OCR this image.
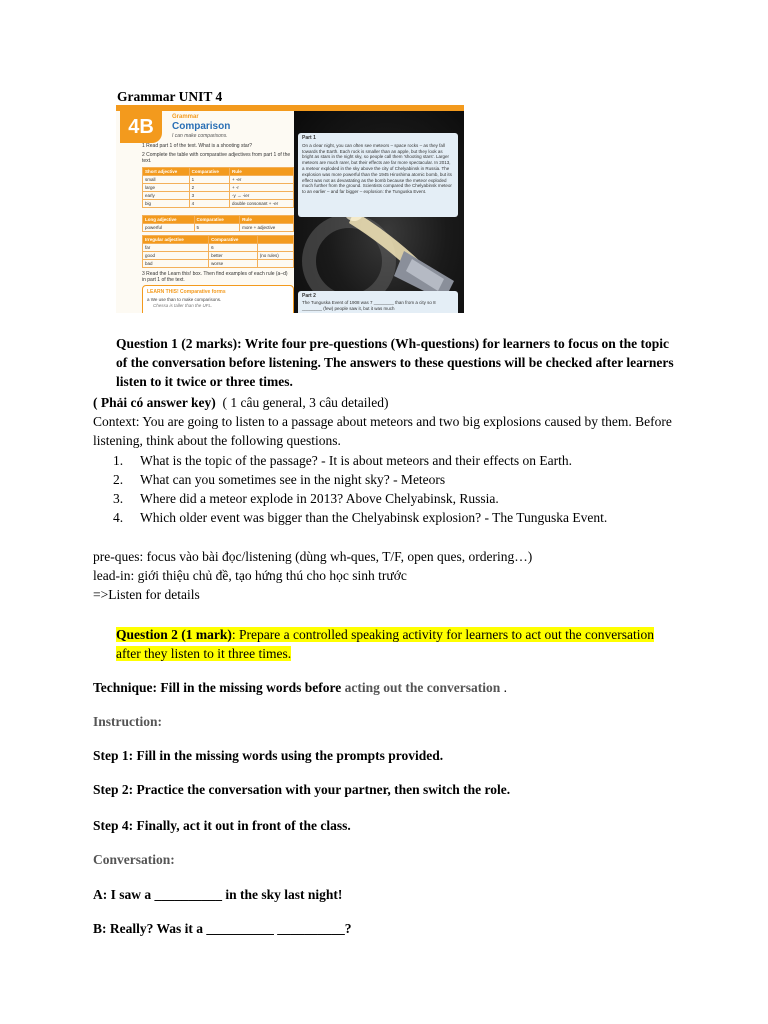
Grammar UNIT 4
4B	Grammar
Comparison
I can make comparisons.
1 Read part 1 of the text. What is a shooting star?
2 Complete the table with comparative adjectives from part 1 of the text.
Short adjective	Comparative	Rule
small	1	+ -er
large	2	+ -r
early	3	-y → -ier
big	4	double consonant + -er
Long adjective	Comparative	Rule
powerful	5	more + adjective
Irregular adjective	Comparative	
far	6	
good	better	(no rules)
bad	worse	
3 Read the Learn this! box. Then find examples of each rule (a–d) in part 1 of the text.
LEARN THIS! Comparative forms
a We use than to make comparisons.
Chessa is taller than the UFL.
Part 1
On a clear night, you can often see meteors – space rocks – as they fall towards the Earth. Each rock is smaller than an apple, but they look as bright as stars in the night sky, so people call them 'shooting stars'. Larger meteors are much rarer, but their effects are far more spectacular. In 2013, a meteor exploded in the sky above the city of Chelyabinsk in Russia. The explosion was more powerful than the 1945 Hiroshima atomic bomb, but its effect was not as devastating as the bomb because the meteor exploded much further from the ground. Scientists compared the Chelyabinsk meteor to an earlier – and far bigger – explosion: the Tunguska Event.
Part 2
The Tunguska Event of 1908 was 7 ________ than from a city so 8 ________ (few) people saw it, but it was much
Question 1 (2 marks): Write four pre-questions (Wh-questions) for learners to focus on the topic of the conversation before listening. The answers to these questions will be checked after learners listen to it twice or three times.
( Phải có answer key) ( 1 câu general, 3 câu detailed)
Context: You are going to listen to a passage about meteors and two big explosions caused by them. Before listening, think about the following questions.
1.	What is the topic of the passage? - It is about meteors and their effects on Earth.
2.	What can you sometimes see in the night sky? - Meteors
3.	Where did a meteor explode in 2013? Above Chelyabinsk, Russia.
4.	Which older event was bigger than the Chelyabinsk explosion? - The Tunguska Event.
pre-ques: focus vào bài đọc/listening (dùng wh-ques, T/F, open ques, ordering…)
lead-in: giới thiệu chủ đề, tạo hứng thú cho học sinh trước
=>Listen for details
Question 2 (1 mark): Prepare a controlled speaking activity for learners to act out the conversation after they listen to it three times.
Technique: Fill in the missing words before acting out the conversation .
Instruction:
Step 1: Fill in the missing words using the prompts provided.
Step 2: Practice the conversation with your partner, then switch the role.
Step 4: Finally, act it out in front of the class.
Conversation:
A: I saw a __________ in the sky last night!
B: Really? Was it a __________ __________?
